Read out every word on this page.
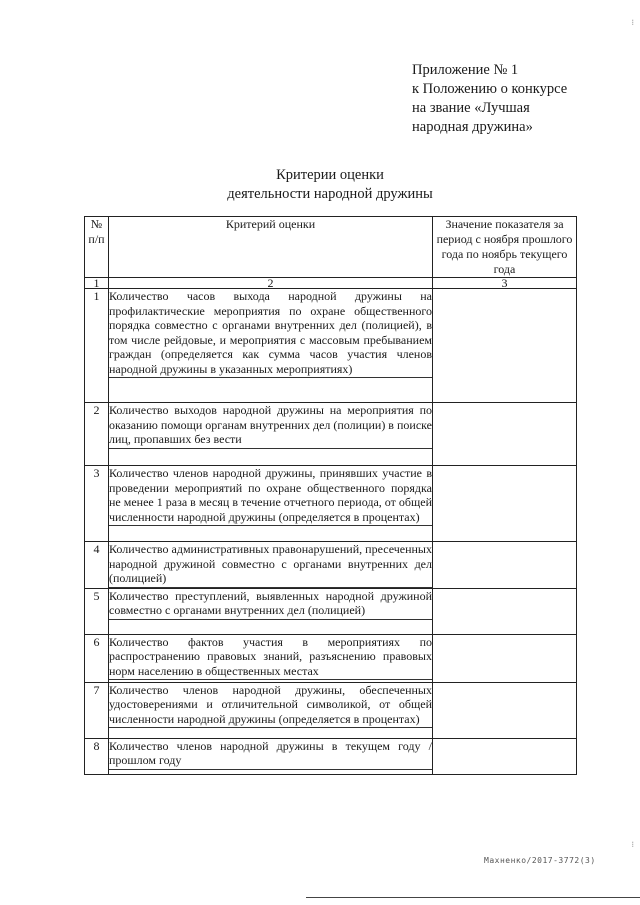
Приложение № 1
к Положению о конкурсе
на звание «Лучшая
народная дружина»
Критерии оценки
деятельности народной дружины
№ п/п	Критерий оценки	Значение показателя за период с ноября прошлого года по ноябрь текущего года
1	2	3
1	Количество часов выхода народной дружины на профилактические мероприятия по охране общественного порядка совместно с органами внутренних дел (полицией), в том числе рейдовые, и мероприятия с массовым пребыванием граждан (определяется как сумма часов участия членов народной дружины в указанных мероприятиях)	

2	Количество выходов народной дружины на мероприятия по оказанию помощи органам внутренних дел (полиции) в поиске лиц, пропавших без вести	

3	Количество членов народной дружины, принявших участие в проведении мероприятий по охране общественного порядка не менее 1 раза в месяц в течение отчетного периода, от общей численности народной дружины (определяется в процентах)	

4	Количество административных правонарушений, пресеченных народной дружиной совместно с органами внутренних дел (полицией)	

5	Количество преступлений, выявленных народной дружиной совместно с органами внутренних дел (полицией)	

6	Количество фактов участия в мероприятиях по распространению правовых знаний, разъяснению правовых норм населению в общественных местах	

7	Количество членов народной дружины, обеспеченных удостоверениями и отличительной символикой, от общей численности народной дружины (определяется в процентах)	

8	Количество членов народной дружины в текущем году / прошлом году	

Махненко/2017-3772(3)
⁝
⁝
